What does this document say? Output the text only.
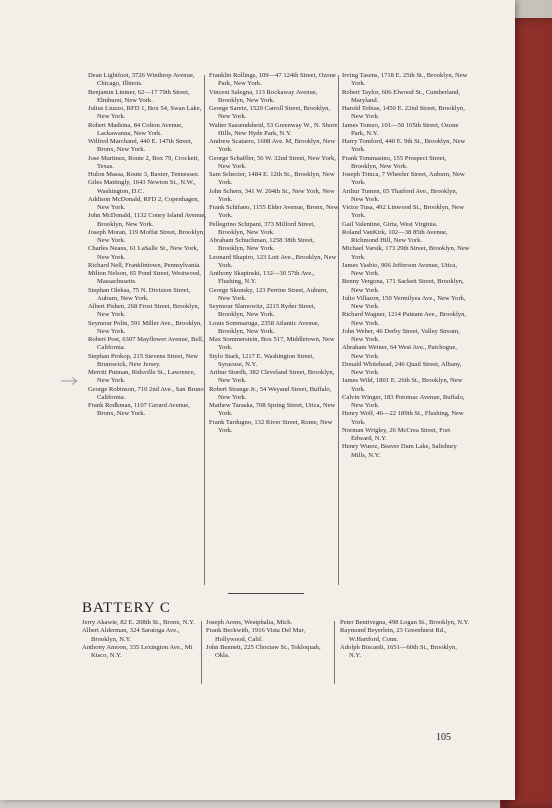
Dean Lightfoot, 3726 Winthrop Avenue, Chicago, Illinois.
Benjamin Lintner, 62—17 79th Street, Elmhurst, New York.
Julius Liuzzo, RFD 1, Box 54, Swan Lake, New York.
Robert Madsina, 84 Colton Avenue, Lackawanna, New York.
Wilfred Marchand, 440 E. 147th Street, Bronx, New York.
Jose Martinez, Route 2, Box 79, Crockett, Texas.
Hulon Massa, Route 3, Baxter, Tennessee.
Giles Mattingly, 1643 Newton St., N.W., Washington, D.C.
Addison McDonald, RFD 2, Copenhagen, New York.
John McDonald, 1132 Coney Island Avenue, Brooklyn, New York.
Joseph Moran, 119 Moffat Street, Brooklyn, New York.
Charles Neaus, 61 LaSalle St., New York, New York.
Richard Nell, Franklintown, Pennsylvania.
Milton Nelson, 65 Pond Street, Westwood, Massachusetts.
Stephan Oleksa, 75 N. Division Street, Auburn, New York.
Albert Pishen, 268 Frost Street, Brooklyn, New York.
Seymour Polin, 591 Miller Ave., Brooklyn, New York.
Robert Post, 6307 Mayflower Avenue, Bell, California.
Stephan Prokop, 215 Stevens Street, New Brunswick, New Jersey.
Merritt Putman, Ridsville St., Lawrence, New York.
George Robinson, 710 2nd Ave., San Bruno, California.
Frank Rodkman, 1107 Gerard Avenue, Bronx, New York.
Franklin Rollings, 109—47 124th Street, Ozone Park, New York.
Vincent Salegna, 113 Rockaway Avenue, Brooklyn, New York.
George Saretz, 1520 Carroll Street, Brooklyn, New York.
Walter Sassendsheid, 53 Greenway W., N. Shore Hills, New Hyde Park, N.Y.
Andrew Scatarro, 1608 Ave. M, Brooklyn, New York.
George Schaffler, 56 W. 32nd Street, New York, New York.
Sam Schecter, 1484 E. 12th St., Brooklyn, New York.
John Schern, 341 W. 204th St., New York, New York.
Frank Schifano, 1155 Elder Avenue, Bronx, New York.
Pellegrino Schipani, 373 Milford Street, Brooklyn, New York.
Abraham Schuchman, 1258 38th Street, Brooklyn, New York.
Leonard Shapiro, 123 Lott Ave., Brooklyn, New York.
Anthony Skapinski, 132—30 57th Ave., Flushing, N.Y.
George Skonsky, 123 Perrine Street, Auburn, New York.
Seymour Slamowitz, 2215 Ryder Street, Brooklyn, New York.
Louis Sommaruga, 2358 Atlantic Avenue, Brooklyn, New York.
Max Sommerstein, Box 517, Middletown, New York.
Stylo Stark, 1217 E. Washington Street, Syracuse, N.Y.
Arthur Stordh, 382 Cleveland Street, Brooklyn, New York.
Robert Strange Jr., 54 Weyand Street, Buffalo, New York.
Mathew Taraska, 708 Spring Street, Utica, New York.
Frank Tardugno, 132 River Street, Rome, New York.
Irving Tasens, 1718 E. 25th St., Brooklyn, New York.
Robert Taylor, 606 Elwood St., Cumberland, Maryland.
Harold Tobias, 1450 E. 22nd Street, Brooklyn, New York.
James Tomeo, 101—50 105th Street, Ozone Park, N.Y.
Harry Tomford, 440 E. 9th St., Brooklyn, New York.
Frank Tommasino, 155 Prospect Street, Brooklyn, New York.
Joseph Trinca, 7 Wheeler Street, Auburn, New York.
Arthur Tumen, 65 Thatford Ave., Brooklyn, New York.
Victor Tusa, 492 Linwood St., Brooklyn, New York.
Gail Valentine, Girta, West Virginia.
Roland VanKirk, 102—38 85th Avenue, Richmond Hill, New York.
Michael Varsik, 173 29th Street, Brooklyn, New York.
James Vasbio, 906 Jefferson Avenue, Utica, New York.
Benny Vergona, 171 Sackett Street, Brooklyn, New York.
Julio Villazon, 150 Vermilyea Ave., New York, New York.
Richard Wagner, 1214 Putnam Ave., Brooklyn, New York.
John Weber, 46 Derby Street, Valley Stream, New York.
Abraham Weiner, 64 West Ave., Patchogue, New York.
Donald Whitehead, 246 Quail Street, Albany, New York.
James Wild, 1801 E. 26th St., Brooklyn, New York.
Calvin Winger, 183 Potomac Avenue, Buffalo, New York.
Henry Wolf, 46—22 189th St., Flushing, New York.
Norman Wrigley, 26 McCrea Street, Fort Edward, N.Y.
Henry Wuerz, Beaver Dam Lake, Salisbury Mills, N.Y.
BATTERY C
Jerry Akawie, 82 E. 208th St., Bronx, N.Y.
Albert Alderman, 324 Saratoga Ave., Brooklyn, N.Y.
Anthony Amoon, 335 Lexington Ave., Mt Kisco, N.Y.
Joseph Arens, Westphalia, Mich.
Frank Beckwith, 1916 Vista Del Mar, Hollywood, Calif.
John Bennett, 225 Choctaw St., Tokloquah, Okla.
Peter Bentivegna, 498 Logan St., Brooklyn, N.Y.
Raymond Beyerlein, 23 Greenhurst Rd., W.Hartford, Conn.
Adolph Biscardi, 1651—60th St., Brooklyn, N.Y.
105
